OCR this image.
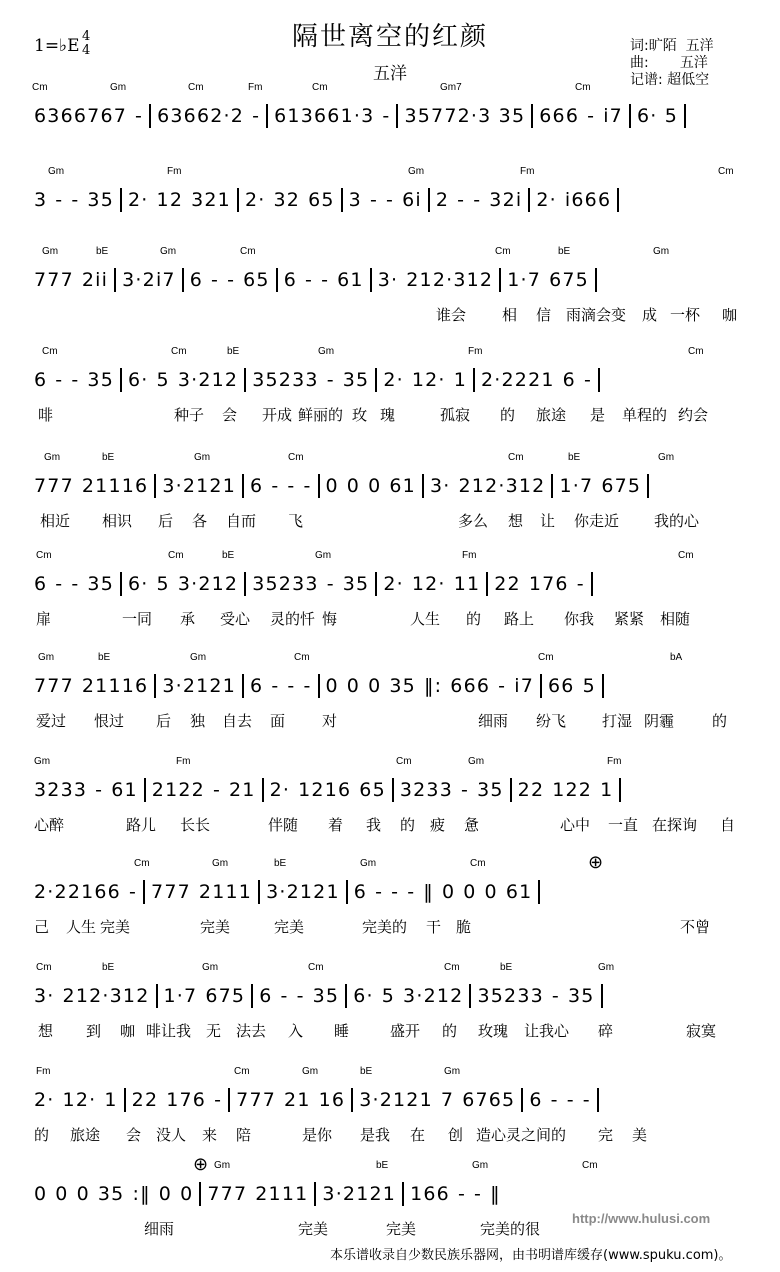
1=♭E 4
4	隔世离空的红颜
五洋
词:旷陌  五洋
曲:       五洋
记谱: 超低空
Cm	Gm	Cm	Fm	Cm	Gm7	Cm
6366767 - 63662·2 - 613661·3 - 35772·3 35 666 - i7 6· 5
Gm	Fm	Gm	Fm	Cm
3 - - 35 2· 12 321 2· 32 65 3 - - 6i 2 - - 32i 2· i666
Gm	bE	Gm	Cm	Cm	bE	Gm
777 2ii 3·2i7 6 - - 65 6 - - 61 3· 212·312 1·7 675
谁会 相 信 雨滴会变 成 一杯 咖
Cm	Cm	bE	Gm	Fm	Cm
6 - - 35 6· 5 3·212 35233 - 35 2· 12· 1 2·2221 6 -
啡	种子 会 开成 鲜丽的 玫 瑰	孤寂 的 旅途 是 单程的 约会
Gm	bE	Gm	Cm	Cm	bE	Gm
777 21116 3·2121 6 - - - 0 0 0 61 3· 212·312 1·7 675
相近 相识 后 各 自而 飞	多么 想 让 你走近 我的心
Cm	Cm	bE	Gm	Fm	Cm
6 - - 35 6· 5 3·212 35233 - 35 2· 12· 11 22 176 -
扉	一同 承 受心 灵的忏 悔	人生 的 路上 你我 紧紧 相随
Gm	bE	Gm	Cm	Cm	bA
777 21116 3·2121 6 - - - 0 0 0 35 ‖: 666 - i7 66 5
爱过 恨过 后 独 自去 面 对	细雨 纷飞 打湿 阴霾	的
Gm	Fm	Cm	Gm	Fm
3233 - 61 2122 - 21 2· 1216 65 3233 - 35 22 122 1
心醉	路儿 长长	伴随 着 我 的 疲 惫	心中 一直 在探询 自
Cm	Gm	bE	Gm	Cm
2·22166 - 777 2111 3·2121 6 - - - ‖ 0 0 0 61
己 人生 完美	完美	完美	完美的 干 脆	不曾
Cm	bE	Gm	Cm	Cm	bE	Gm
3· 212·312 1·7 675 6 - - 35 6· 5 3·212 35233 - 35
想 到 咖 啡让我 无 法去 入 睡	盛开 的 玫瑰 让我心 碎	寂寞
Fm	Cm	Gm	bE	Gm
2· 12· 1 22 176 - 777 21 16 3·2121 7 6765 6 - - -
的 旅途 会 没人 来 陪	是你 是我 在 创 造心灵之间的 完 美
Gm	bE	Gm	Cm
0 0 0 35 :‖ 0 0 777 2111 3·2121 166 - - ‖
细雨	完美	完美	完美的很
⊕
⊕
http://www.hulusi.com
本乐谱收录自少数民族乐器网，由书明谱库缓存(www.spuku.com)。
